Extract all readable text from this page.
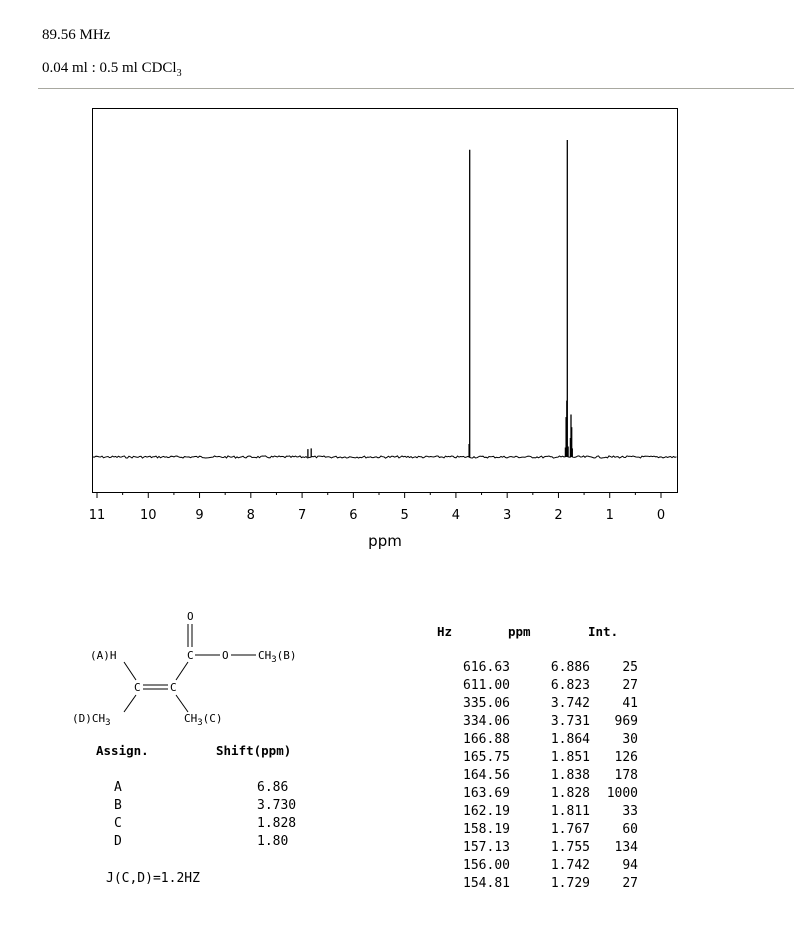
89.56 MHz
0.04 ml : 0.5 ml CDCl$_3$
11	10	9	8	7	6	5	4	3	2	1	0
ppm
O
(A)H	C	O	$CH_3(B)$
C	C
$(D)CH_3$	$CH_3(C)$
Assign.	Shift(ppm)
A	6.86
B	3.730
C	1.828
D	1.80
J(C,D)=1.2HZ
Hz	ppm	Int.
616.63	6.886 25
611.00	6.823 27
335.06	3.742 41
334.06	3.731 969
166.88	1.864 30
165.75	1.851 126
164.56	1.838 178
163.69	1.828 1000
162.19	1.811 33
158.19	1.767 60
157.13	1.755 134
156.00	1.742 94
154.81	1.729 27
